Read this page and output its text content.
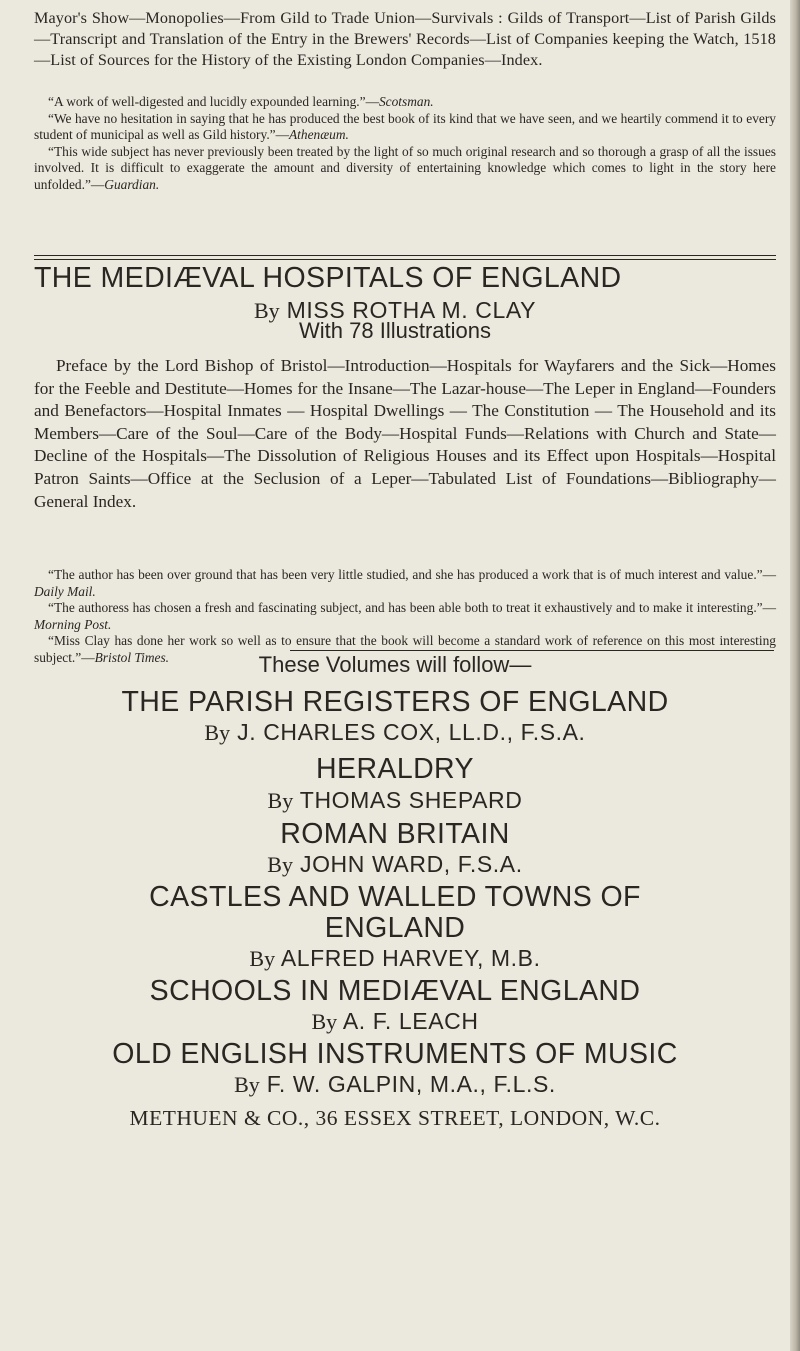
Mayor's Show—Monopolies—From Gild to Trade Union—Survivals : Gilds of Transport—List of Parish Gilds—Transcript and Translation of the Entry in the Brewers' Records—List of Companies keeping the Watch, 1518—List of Sources for the History of the Existing London Companies—Index.

“A work of well-digested and lucidly expounded learning.”—Scotsman.

“We have no hesitation in saying that he has produced the best book of its kind that we have seen, and we heartily commend it to every student of municipal as well as Gild history.”—Athenæum.

“This wide subject has never previously been treated by the light of so much original research and so thorough a grasp of all the issues involved. It is difficult to exaggerate the amount and diversity of entertaining knowledge which comes to light in the story here unfolded.”—Guardian.

THE MEDIÆVAL HOSPITALS OF ENGLAND
By MISS ROTHA M. CLAY
With 78 Illustrations
Preface by the Lord Bishop of Bristol—Introduction—Hospitals for Wayfarers and the Sick—Homes for the Feeble and Destitute—Homes for the Insane—The Lazar-house—The Leper in England—Founders and Benefactors—Hospital Inmates — Hospital Dwellings — The Constitution — The Household and its Members—Care of the Soul—Care of the Body—Hospital Funds—Relations with Church and State—Decline of the Hospitals—The Dissolution of Religious Houses and its Effect upon Hospitals—Hospital Patron Saints—Office at the Seclusion of a Leper—Tabulated List of Foundations—Bibliography—General Index.

“The author has been over ground that has been very little studied, and she has produced a work that is of much interest and value.”—Daily Mail.

“The authoress has chosen a fresh and fascinating subject, and has been able both to treat it exhaustively and to make it interesting.”—Morning Post.

“Miss Clay has done her work so well as to ensure that the book will become a standard work of reference on this most interesting subject.”—Bristol Times.	These Volumes will follow—
THE PARISH REGISTERS OF ENGLAND
By J. CHARLES COX, LL.D., F.S.A.
HERALDRY
By THOMAS SHEPARD
ROMAN BRITAIN
By JOHN WARD, F.S.A.
CASTLES AND WALLED TOWNS OF
ENGLAND
By ALFRED HARVEY, M.B.
SCHOOLS IN MEDIÆVAL ENGLAND
By A. F. LEACH
OLD ENGLISH INSTRUMENTS OF MUSIC
By F. W. GALPIN, M.A., F.L.S.
METHUEN & CO., 36 ESSEX STREET, LONDON, W.C.
